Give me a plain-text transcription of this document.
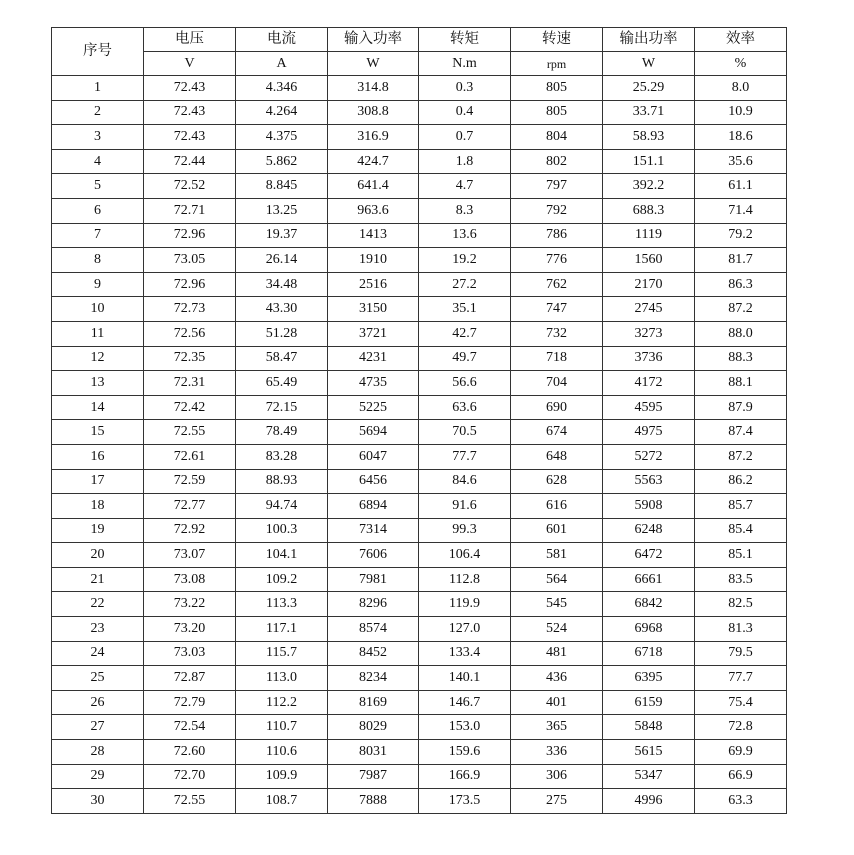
序号	电压	电流	输入功率	转矩	转速	输出功率	效率
	V	A	W	N.m	rpm	W	%
1	72.43	4.346	314.8	0.3	805	25.29	8.0
2	72.43	4.264	308.8	0.4	805	33.71	10.9
3	72.43	4.375	316.9	0.7	804	58.93	18.6
4	72.44	5.862	424.7	1.8	802	151.1	35.6
5	72.52	8.845	641.4	4.7	797	392.2	61.1
6	72.71	13.25	963.6	8.3	792	688.3	71.4
7	72.96	19.37	1413	13.6	786	1119	79.2
8	73.05	26.14	1910	19.2	776	1560	81.7
9	72.96	34.48	2516	27.2	762	2170	86.3
10	72.73	43.30	3150	35.1	747	2745	87.2
11	72.56	51.28	3721	42.7	732	3273	88.0
12	72.35	58.47	4231	49.7	718	3736	88.3
13	72.31	65.49	4735	56.6	704	4172	88.1
14	72.42	72.15	5225	63.6	690	4595	87.9
15	72.55	78.49	5694	70.5	674	4975	87.4
16	72.61	83.28	6047	77.7	648	5272	87.2
17	72.59	88.93	6456	84.6	628	5563	86.2
18	72.77	94.74	6894	91.6	616	5908	85.7
19	72.92	100.3	7314	99.3	601	6248	85.4
20	73.07	104.1	7606	106.4	581	6472	85.1
21	73.08	109.2	7981	112.8	564	6661	83.5
22	73.22	113.3	8296	119.9	545	6842	82.5
23	73.20	117.1	8574	127.0	524	6968	81.3
24	73.03	115.7	8452	133.4	481	6718	79.5
25	72.87	113.0	8234	140.1	436	6395	77.7
26	72.79	112.2	8169	146.7	401	6159	75.4
27	72.54	110.7	8029	153.0	365	5848	72.8
28	72.60	110.6	8031	159.6	336	5615	69.9
29	72.70	109.9	7987	166.9	306	5347	66.9
30	72.55	108.7	7888	173.5	275	4996	63.3
